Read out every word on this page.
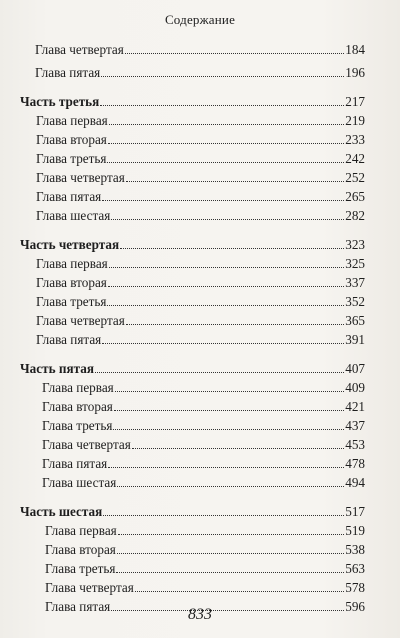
Содержание
Глава четвертая	184
Глава пятая	196
Часть третья	217
Глава первая	219
Глава вторая	233
Глава третья	242
Глава четвертая	252
Глава пятая	265
Глава шестая	282
Часть четвертая	323
Глава первая	325
Глава вторая	337
Глава третья	352
Глава четвертая	365
Глава пятая	391
Часть пятая	407
Глава первая	409
Глава вторая	421
Глава третья	437
Глава четвертая	453
Глава пятая	478
Глава шестая	494
Часть шестая	517
Глава первая	519
Глава вторая	538
Глава третья	563
Глава четвертая	578
Глава пятая	596
833
